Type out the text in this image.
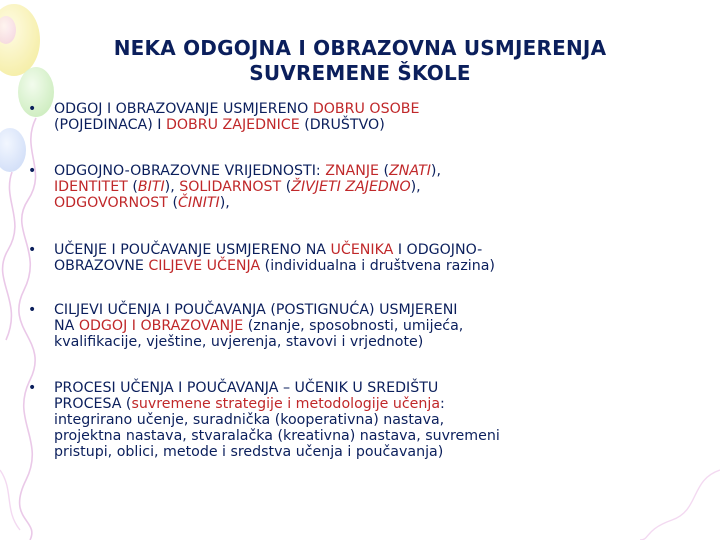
NEKA ODGOJNA I OBRAZOVNA USMJERENJA
SUVREMENE ŠKOLE
• ODGOJ I OBRAZOVANJE USMJERENO DOBRU OSOBE
(POJEDINACA) I DOBRU ZAJEDNICE (DRUŠTVO)
• ODGOJNO-OBRAZOVNE VRIJEDNOSTI: ZNANJE (ZNATI),
IDENTITET (BITI), SOLIDARNOST (ŽIVJETI ZAJEDNO),
ODGOVORNOST (ČINITI),
• UČENJE I POUČAVANJE USMJERENO NA UČENIKA I ODGOJNO-
OBRAZOVNE CILJEVE UČENJA (individualna i društvena razina)
• CILJEVI UČENJA I POUČAVANJA (POSTIGNUĆA) USMJERENI
NA ODGOJ I OBRAZOVANJE (znanje, sposobnosti, umijeća,
kvalifikacije, vještine, uvjerenja, stavovi i vrjednote)
• PROCESI UČENJA I POUČAVANJA – UČENIK U SREDIŠTU
PROCESA (suvremene strategije i metodologije učenja:
integrirano učenje, suradnička (kooperativna) nastava,
projektna nastava, stvaralačka (kreativna) nastava, suvremeni
pristupi, oblici, metode i sredstva učenja i poučavanja)
